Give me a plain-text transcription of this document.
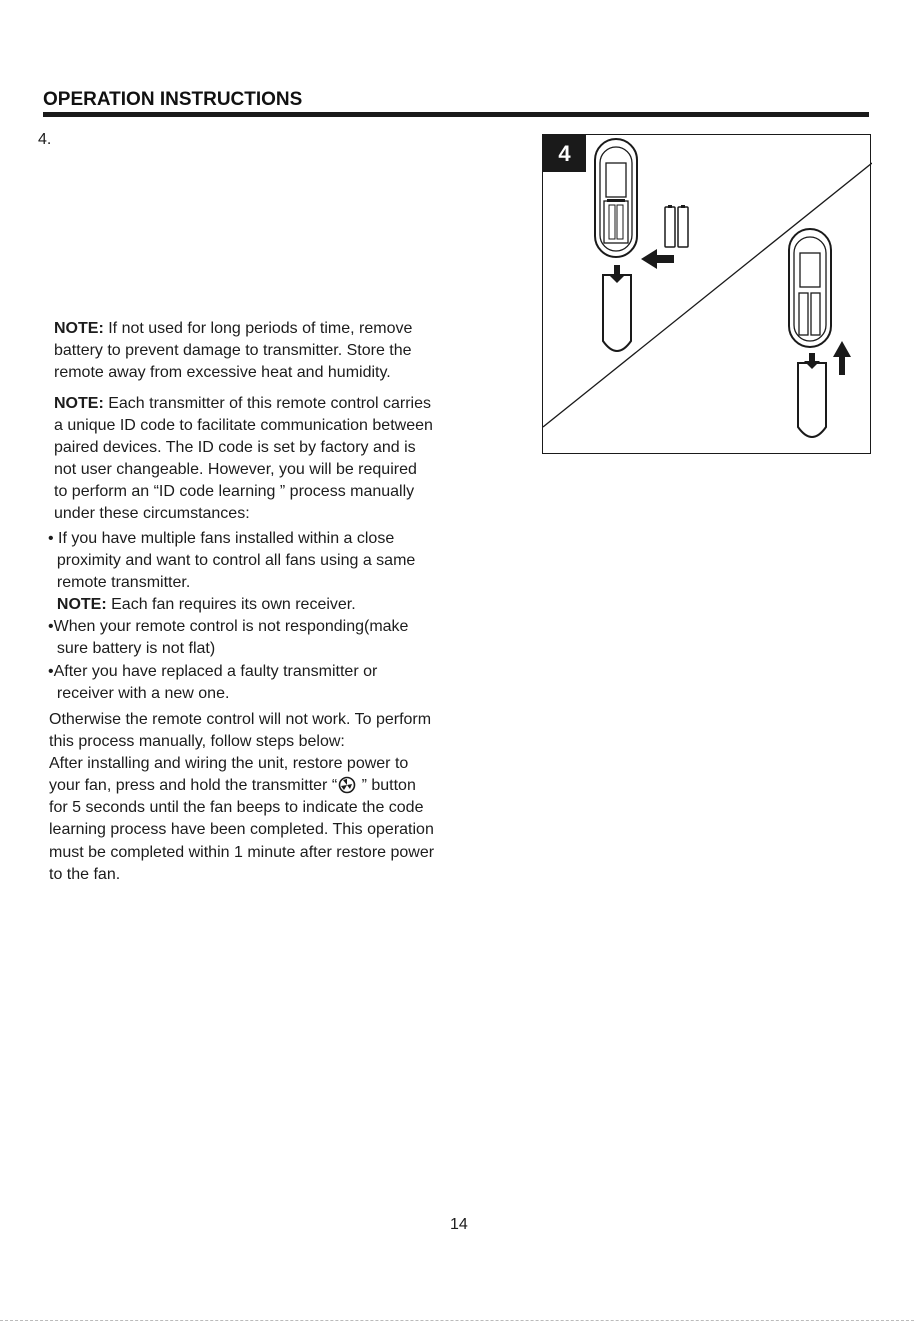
OPERATION INSTRUCTIONS
4.
NOTE: If not used for long periods of time, remove
battery to prevent damage to transmitter. Store the
remote away from excessive heat and humidity.
NOTE: Each transmitter of this remote control carries
a unique ID code to facilitate communication between
paired devices. The ID code is set by factory and is
not user changeable. However, you will be required
to perform an “ID code learning ” process manually
under these circumstances:
• If you have multiple fans installed within a close
proximity and want to control all fans using a same
remote transmitter.
NOTE: Each fan requires its own receiver.
•When your remote control is not responding(make
sure battery is not flat)
•After you have replaced a faulty transmitter or
receiver with a new one.
Otherwise the remote control will not work. To perform
this process manually, follow steps below:
After installing and wiring the unit, restore power to
your fan, press and hold the transmitter “ ” button
for 5 seconds until the fan beeps to indicate the code
learning process have been completed. This operation
must be completed within 1 minute after restore power
to the fan.
4
14
